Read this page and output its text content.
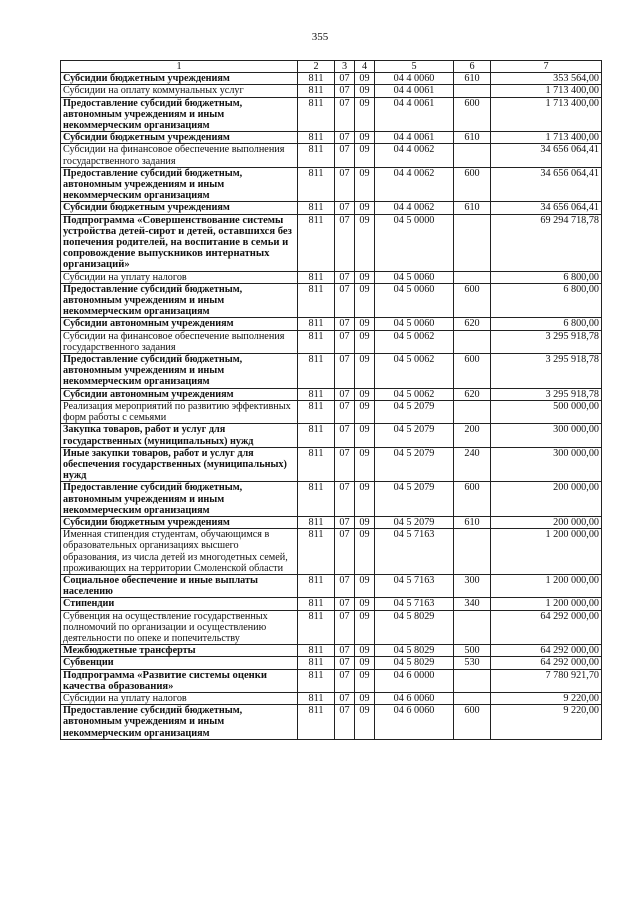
355
1	2	3	4	5	6	7
Субсидии бюджетным учреждениям	811	07	09	04 4 0060	610	353 564,00
Субсидии на оплату коммунальных услуг	811	07	09	04 4 0061		1 713 400,00
Предоставление субсидий бюджетным, автономным учреждениям и иным некоммерческим организациям	811	07	09	04 4 0061	600	1 713 400,00
Субсидии бюджетным учреждениям	811	07	09	04 4 0061	610	1 713 400,00
Субсидии на финансовое обеспечение выполнения государственного задания	811	07	09	04 4 0062		34 656 064,41
Предоставление субсидий бюджетным, автономным учреждениям и иным некоммерческим организациям	811	07	09	04 4 0062	600	34 656 064,41
Субсидии бюджетным учреждениям	811	07	09	04 4 0062	610	34 656 064,41
Подпрограмма «Совершенствование системы устройства детей-сирот и детей, оставшихся без попечения родителей, на воспитание в семьи и сопровождение выпускников интернатных организаций»	811	07	09	04 5 0000		69 294 718,78
Субсидии на уплату налогов	811	07	09	04 5 0060		6 800,00
Предоставление субсидий бюджетным, автономным учреждениям и иным некоммерческим организациям	811	07	09	04 5 0060	600	6 800,00
Субсидии автономным учреждениям	811	07	09	04 5 0060	620	6 800,00
Субсидии на финансовое обеспечение выполнения государственного задания	811	07	09	04 5 0062		3 295 918,78
Предоставление субсидий бюджетным, автономным учреждениям и иным некоммерческим организациям	811	07	09	04 5 0062	600	3 295 918,78
Субсидии автономным учреждениям	811	07	09	04 5 0062	620	3 295 918,78
Реализация мероприятий по развитию эффективных форм работы с семьями	811	07	09	04 5 2079		500 000,00
Закупка товаров, работ и услуг для государственных (муниципальных) нужд	811	07	09	04 5 2079	200	300 000,00
Иные закупки товаров, работ и услуг для обеспечения государственных (муниципальных) нужд	811	07	09	04 5 2079	240	300 000,00
Предоставление субсидий бюджетным, автономным учреждениям и иным некоммерческим организациям	811	07	09	04 5 2079	600	200 000,00
Субсидии бюджетным учреждениям	811	07	09	04 5 2079	610	200 000,00
Именная стипендия студентам, обучающимся в образовательных организациях высшего образования, из числа детей из многодетных семей, проживающих на территории Смоленской области	811	07	09	04 5 7163		1 200 000,00
Социальное обеспечение и иные выплаты населению	811	07	09	04 5 7163	300	1 200 000,00
Стипендии	811	07	09	04 5 7163	340	1 200 000,00
Субвенция на осуществление государственных полномочий по организации и осуществлению деятельности по опеке и попечительству	811	07	09	04 5 8029		64 292 000,00
Межбюджетные трансферты	811	07	09	04 5 8029	500	64 292 000,00
Субвенции	811	07	09	04 5 8029	530	64 292 000,00
Подпрограмма «Развитие системы оценки качества образования»	811	07	09	04 6 0000		7 780 921,70
Субсидии на уплату налогов	811	07	09	04 6 0060		9 220,00
Предоставление субсидий бюджетным, автономным учреждениям и иным некоммерческим организациям	811	07	09	04 6 0060	600	9 220,00
